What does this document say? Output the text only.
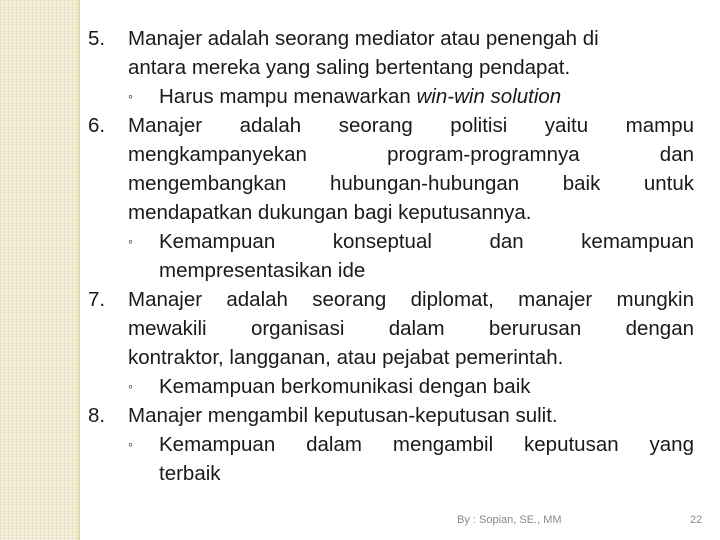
5. Manajer adalah seorang mediator atau penengah di
antara mereka yang saling bertentang pendapat.
◦ Harus mampu menawarkan win-win solution
6. Manajer adalah seorang politisi yaitu mampu
mengkampanyekan program-programnya dan
mengembangkan hubungan-hubungan baik untuk
mendapatkan dukungan bagi keputusannya.
◦ Kemampuan konseptual dan kemampuan
mempresentasikan ide
7. Manajer adalah seorang diplomat, manajer mungkin
mewakili organisasi dalam berurusan dengan
kontraktor, langganan, atau pejabat pemerintah.
◦ Kemampuan berkomunikasi dengan baik
8. Manajer mengambil keputusan-keputusan sulit.
◦ Kemampuan dalam mengambil keputusan yang
terbaik
By : Sopian, SE., MM	22
